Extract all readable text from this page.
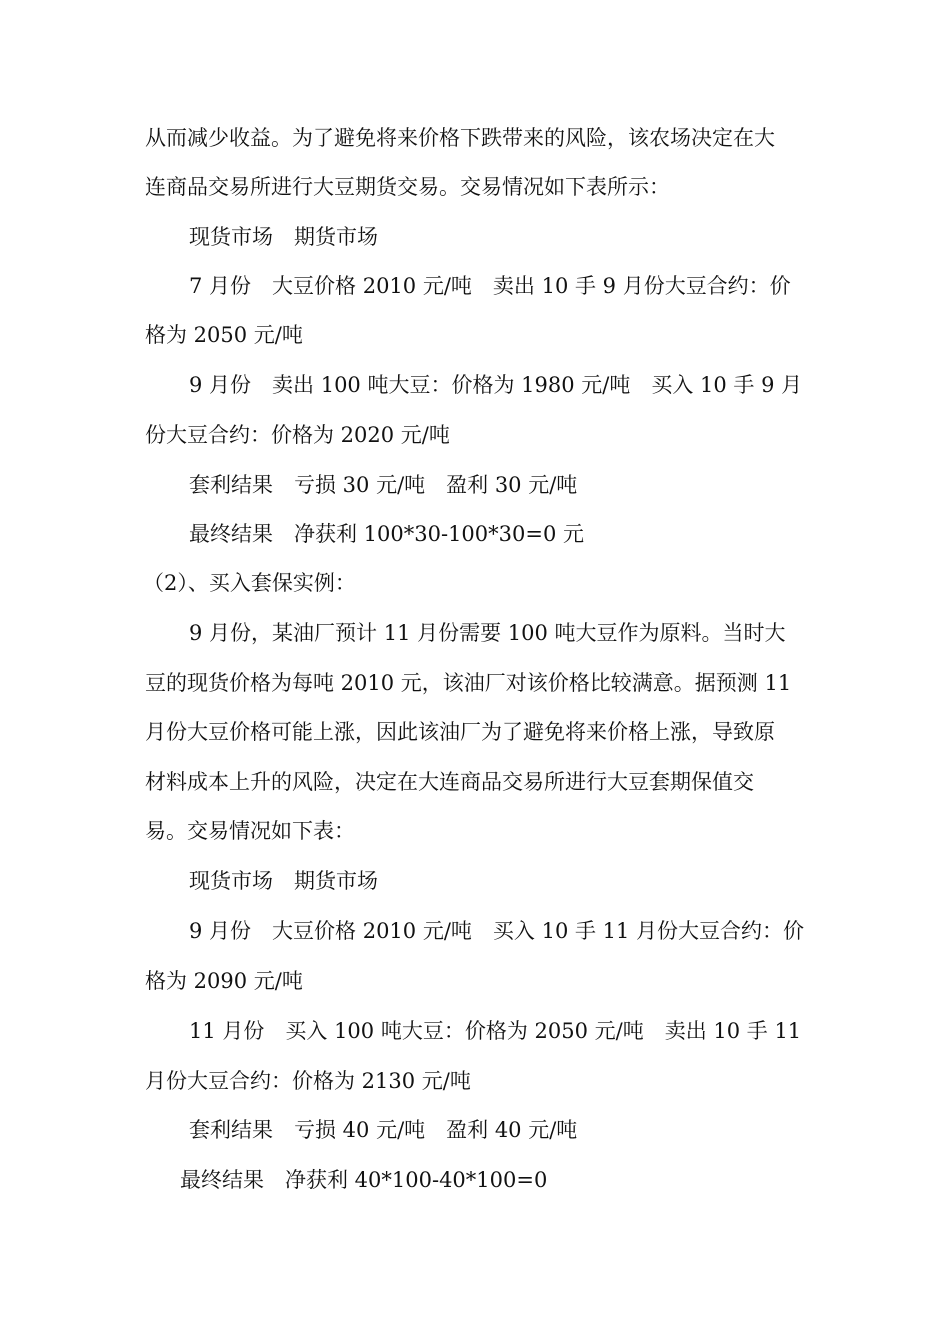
从而减少收益。为了避免将来价格下跌带来的风险，该农场决定在大
连商品交易所进行大豆期货交易。交易情况如下表所示：
现货市场　期货市场
7 月份　大豆价格 2010 元/吨　卖出 10 手 9 月份大豆合约：价
格为 2050 元/吨
9 月份　卖出 100 吨大豆：价格为 1980 元/吨　买入 10 手 9 月
份大豆合约：价格为 2020 元/吨
套利结果　亏损 30 元/吨　盈利 30 元/吨
最终结果　净获利 100*30-100*30=0 元
（2）、买入套保实例：
9 月份，某油厂预计 11 月份需要 100 吨大豆作为原料。当时大
豆的现货价格为每吨 2010 元，该油厂对该价格比较满意。据预测 11
月份大豆价格可能上涨，因此该油厂为了避免将来价格上涨，导致原
材料成本上升的风险，决定在大连商品交易所进行大豆套期保值交
易。交易情况如下表：
现货市场　期货市场
9 月份　大豆价格 2010 元/吨　买入 10 手 11 月份大豆合约：价
格为 2090 元/吨
11 月份　买入 100 吨大豆：价格为 2050 元/吨　卖出 10 手 11
月份大豆合约：价格为 2130 元/吨
套利结果　亏损 40 元/吨　盈利 40 元/吨
最终结果　净获利 40*100-40*100=0
